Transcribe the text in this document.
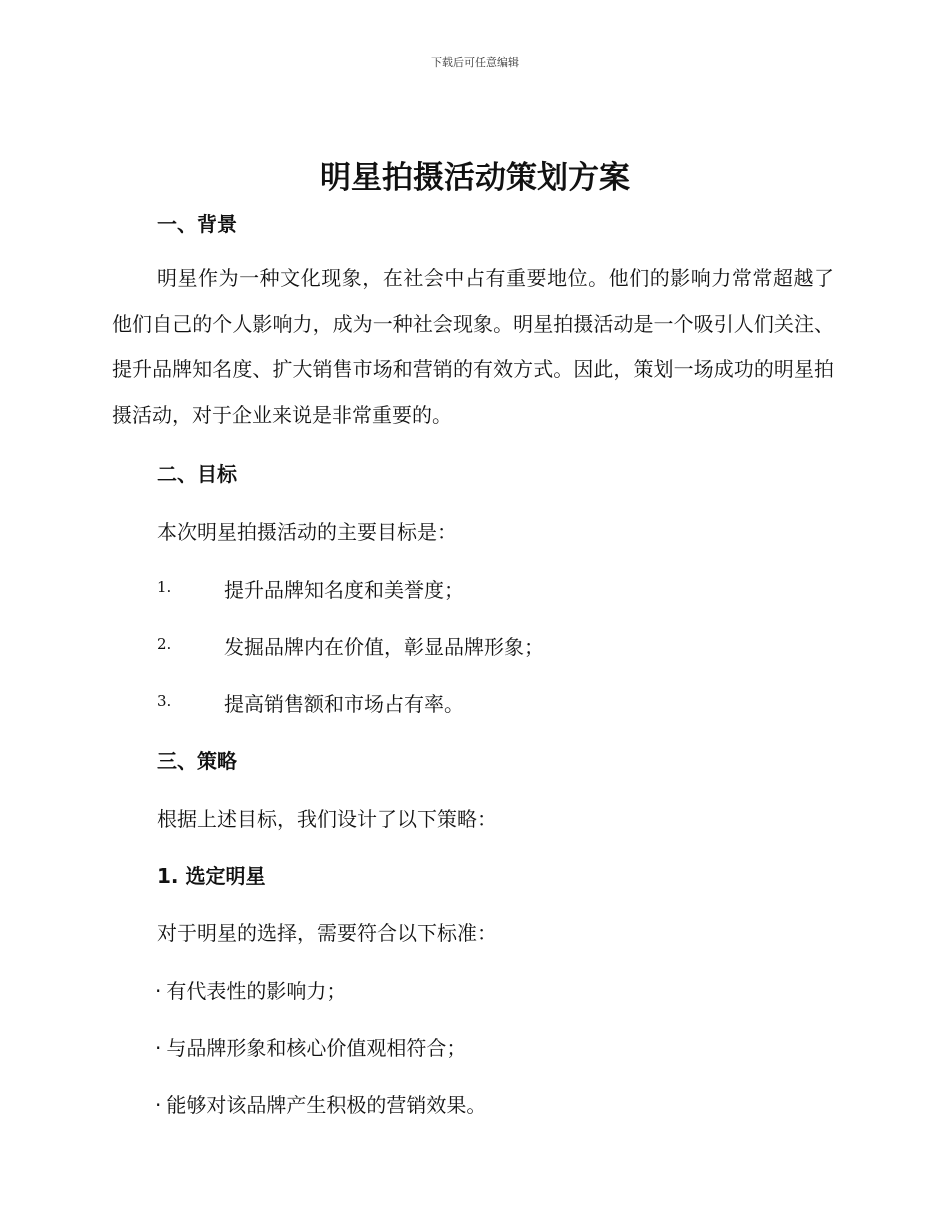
下载后可任意编辑
明星拍摄活动策划方案
一、背景
明星作为一种文化现象，在社会中占有重要地位。他们的影响力常常超越了他们自己的个人影响力，成为一种社会现象。明星拍摄活动是一个吸引人们关注、提升品牌知名度、扩大销售市场和营销的有效方式。因此，策划一场成功的明星拍摄活动，对于企业来说是非常重要的。
二、目标
本次明星拍摄活动的主要目标是：
1.	提升品牌知名度和美誉度；
2.	发掘品牌内在价值，彰显品牌形象；
3.	提高销售额和市场占有率。
三、策略
根据上述目标，我们设计了以下策略：
1. 选定明星
对于明星的选择，需要符合以下标准：
· 有代表性的影响力；
· 与品牌形象和核心价值观相符合；
· 能够对该品牌产生积极的营销效果。
